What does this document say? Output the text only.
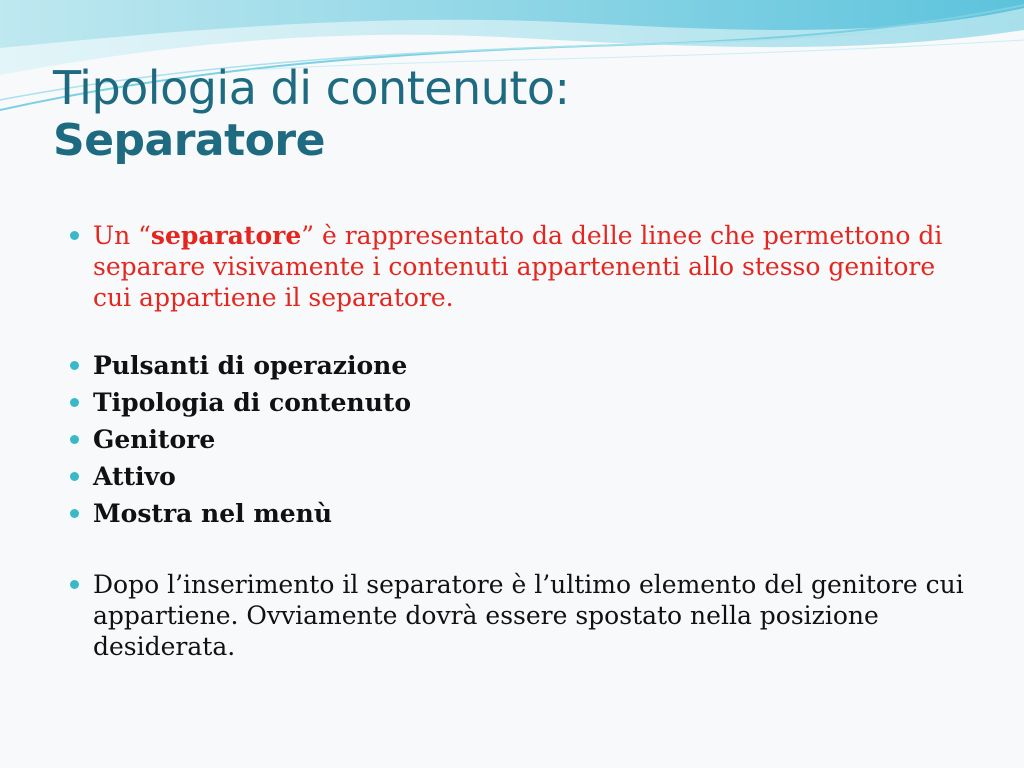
Tipologia di contenuto:
Separatore
Un “separatore” è rappresentato da delle linee che permettono di separare visivamente i contenuti appartenenti allo stesso genitore cui appartiene il separatore.
Pulsanti di operazione
Tipologia di contenuto
Genitore
Attivo
Mostra nel menù
Dopo l’inserimento il separatore è l’ultimo elemento del genitore cui appartiene. Ovviamente dovrà essere spostato nella posizione desiderata.
